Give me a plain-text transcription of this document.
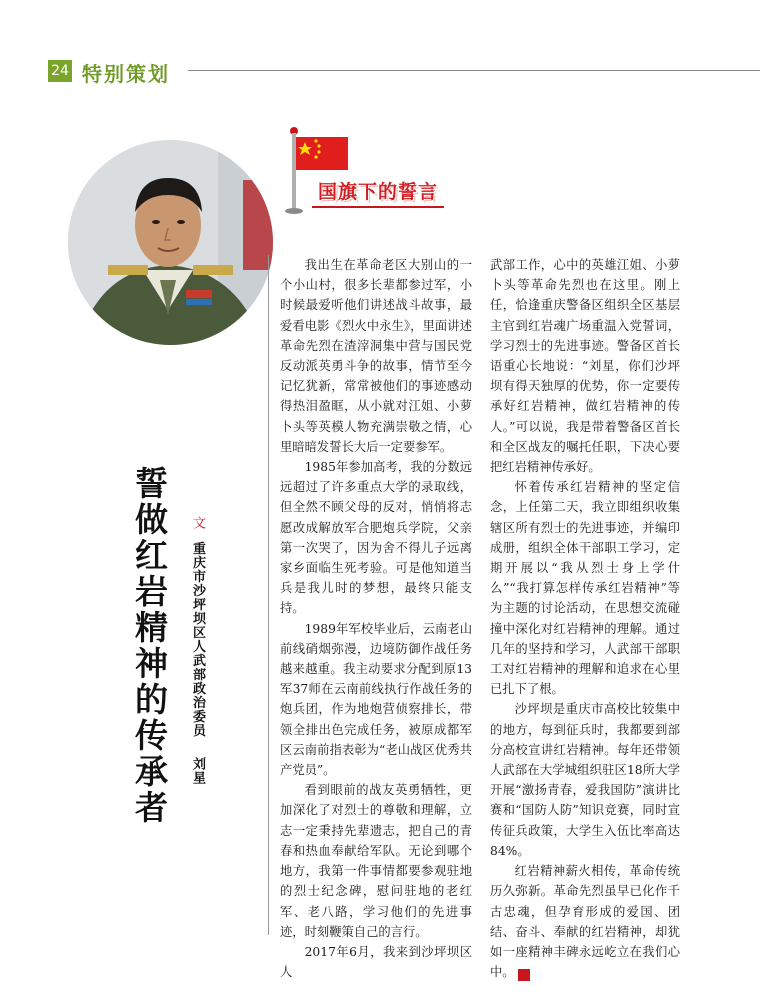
24 特别策划
国旗下的誓言
誓做红岩精神的传承者	文 重庆市沙坪坝区人武部政治委员 刘星

我出生在革命老区大别山的一个小山村，很多长辈都参过军，小时候最爱听他们讲述战斗故事，最爱看电影《烈火中永生》，里面讲述革命先烈在渣滓洞集中营与国民党反动派英勇斗争的故事，情节至今记忆犹新，常常被他们的事迹感动得热泪盈眶，从小就对江姐、小萝卜头等英模人物充满崇敬之情，心里暗暗发誓长大后一定要参军。

1985年参加高考，我的分数远远超过了许多重点大学的录取线，但全然不顾父母的反对，悄悄将志愿改成解放军合肥炮兵学院，父亲第一次哭了，因为舍不得儿子远离家乡面临生死考验。可是他知道当兵是我儿时的梦想，最终只能支持。

1989年军校毕业后，云南老山前线硝烟弥漫，边境防御作战任务越来越重。我主动要求分配到原13军37师在云南前线执行作战任务的炮兵团，作为地炮营侦察排长，带领全排出色完成任务，被原成都军区云南前指表彰为“老山战区优秀共产党员”。

看到眼前的战友英勇牺牲，更加深化了对烈士的尊敬和理解，立志一定秉持先辈遗志，把自己的青春和热血奉献给军队。无论到哪个地方，我第一件事情都要参观驻地的烈士纪念碑，慰问驻地的老红军、老八路，学习他们的先进事迹，时刻鞭策自己的言行。

2017年6月，我来到沙坪坝区人

武部工作，心中的英雄江姐、小萝卜头等革命先烈也在这里。刚上任，恰逢重庆警备区组织全区基层主官到红岩魂广场重温入党誓词，学习烈士的先进事迹。警备区首长语重心长地说：“刘星，你们沙坪坝有得天独厚的优势，你一定要传承好红岩精神，做红岩精神的传人。”可以说，我是带着警备区首长和全区战友的嘱托任职，下决心要把红岩精神传承好。

怀着传承红岩精神的坚定信念，上任第二天，我立即组织收集辖区所有烈士的先进事迹，并编印成册，组织全体干部职工学习，定期开展以“我从烈士身上学什么”“我打算怎样传承红岩精神”等为主题的讨论活动，在思想交流碰撞中深化对红岩精神的理解。通过几年的坚持和学习，人武部干部职工对红岩精神的理解和追求在心里已扎下了根。

沙坪坝是重庆市高校比较集中的地方，每到征兵时，我都要到部分高校宣讲红岩精神。每年还带领人武部在大学城组织驻区18所大学开展“激扬青春，爱我国防”演讲比赛和“国防人防”知识竞赛，同时宣传征兵政策，大学生入伍比率高达84%。

红岩精神薪火相传，革命传统历久弥新。革命先烈虽早已化作千古忠魂，但孕育形成的爱国、团结、奋斗、奉献的红岩精神，却犹如一座精神丰碑永远屹立在我们心中。	G
